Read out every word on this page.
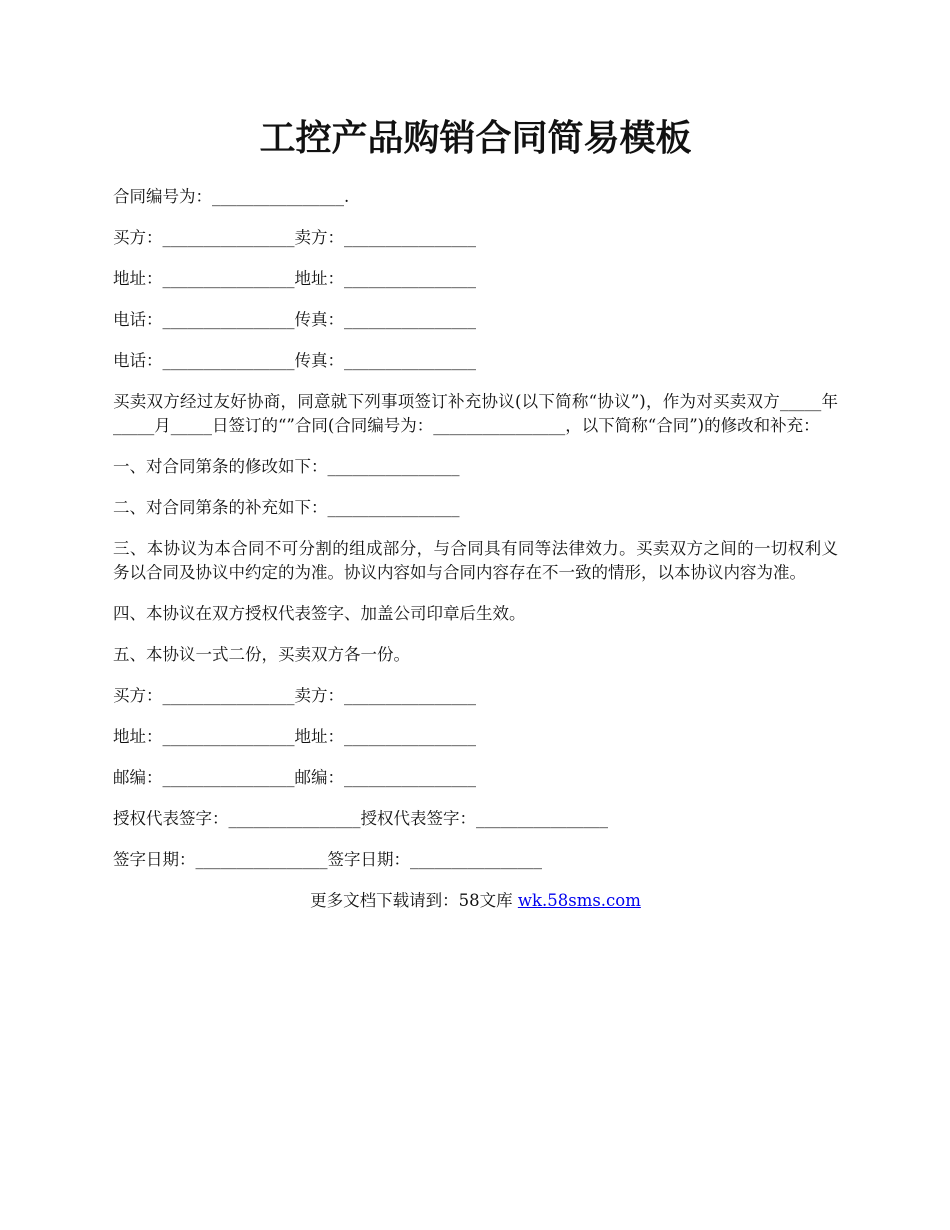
工控产品购销合同简易模板

合同编号为：________________.

买方：________________卖方：________________

地址：________________地址：________________

电话：________________传真：________________

电话：________________传真：________________

买卖双方经过友好协商，同意就下列事项签订补充协议(以下简称“协议”)，作为对买卖双方_____年_____月_____日签订的“”合同(合同编号为：________________，以下简称“合同”)的修改和补充：

一、对合同第条的修改如下：________________

二、对合同第条的补充如下：________________

三、本协议为本合同不可分割的组成部分，与合同具有同等法律效力。买卖双方之间的一切权利义务以合同及协议中约定的为准。协议内容如与合同内容存在不一致的情形，以本协议内容为准。

四、本协议在双方授权代表签字、加盖公司印章后生效。

五、本协议一式二份，买卖双方各一份。

买方：________________卖方：________________

地址：________________地址：________________

邮编：________________邮编：________________

授权代表签字：________________授权代表签字：________________

签字日期：________________签字日期：________________

更多文档下载请到：58文库 wk.58sms.com
